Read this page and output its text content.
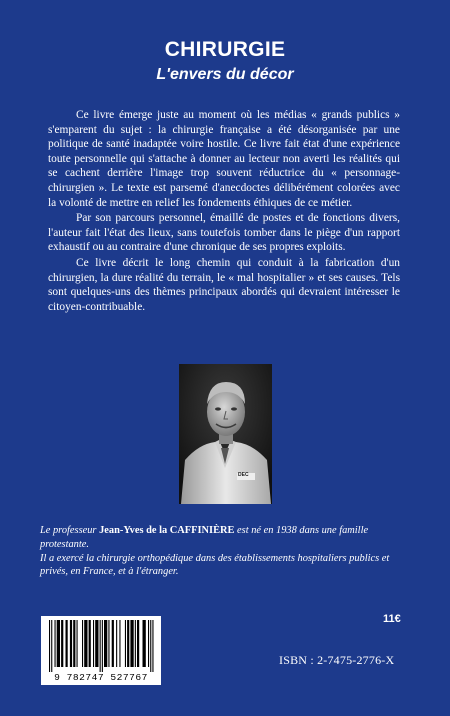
CHIRURGIE
L'envers du décor

Ce livre émerge juste au moment où les médias « grands publics » s'emparent du sujet : la chirurgie française a été désorganisée par une politique de santé inadaptée voire hostile. Ce livre fait état d'une expérience toute personnelle qui s'attache à donner au lecteur non averti les réalités qui se cachent derrière l'image trop souvent réductrice du « personnage-chirurgien ». Le texte est parsemé d'anecdoctes délibérément colorées avec la volonté de mettre en relief les fondements éthiques de ce métier.

Par son parcours personnel, émaillé de postes et de fonctions divers, l'auteur fait l'état des lieux, sans toutefois tomber dans le piège d'un rapport exhaustif ou au contraire d'une chronique de ses propres exploits.

Ce livre décrit le long chemin qui conduit à la fabrication d'un chirurgien, la dure réalité du terrain, le « mal hospitalier » et ses causes. Tels sont quelques-uns des thèmes principaux abordés qui devraient intéresser le citoyen-contribuable.

DEC

Le professeur Jean-Yves de la CAFFINIÈRE est né en 1938 dans une famille protestante.

Il a exercé la chirurgie orthopédique dans des établissements hospitaliers publics et privés, en France, et à l'étranger.

11€
9 782747 527767
ISBN : 2-7475-2776-X
